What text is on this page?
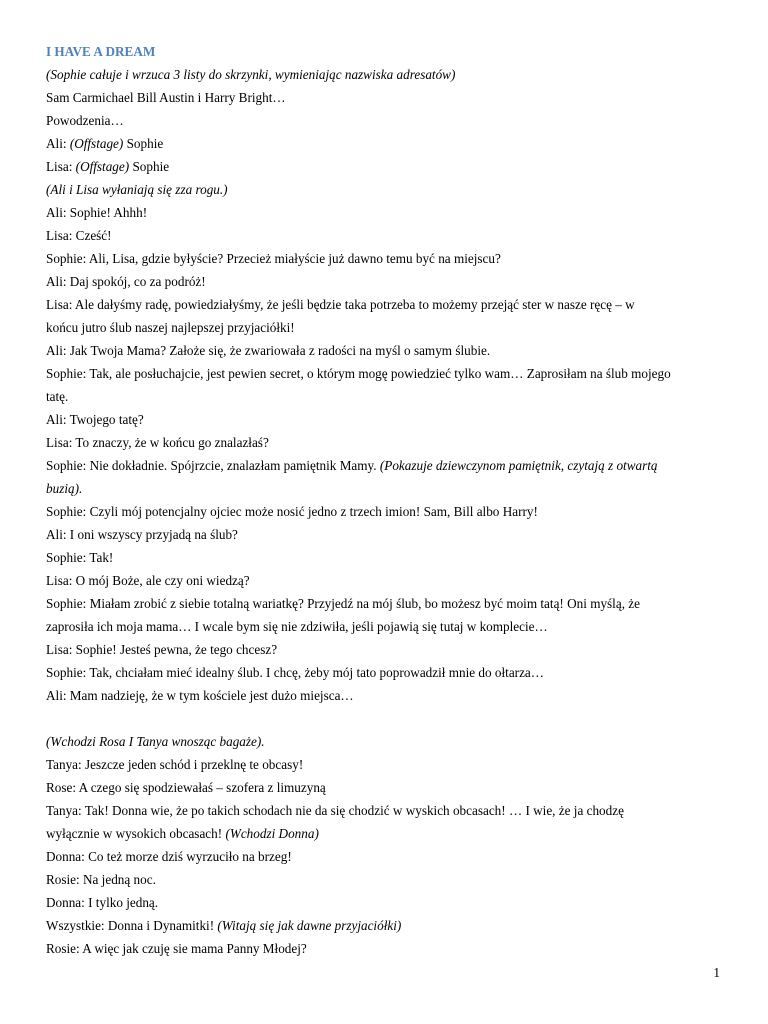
I HAVE A DREAM
(Sophie całuje i wrzuca 3 listy do skrzynki, wymieniając nazwiska adresatów)
Sam Carmichael Bill Austin i Harry Bright…
Powodzenia…
Ali: (Offstage) Sophie
Lisa: (Offstage) Sophie
(Ali i Lisa wyłaniają się zza rogu.)
Ali: Sophie! Ahhh!
Lisa: Cześć!
Sophie: Ali, Lisa, gdzie byłyście? Przecież miałyście już dawno temu być na miejscu?
Ali: Daj spokój, co za podróż!
Lisa: Ale dałyśmy radę, powiedziałyśmy, że jeśli będzie taka potrzeba to możemy przejąć ster w nasze ręcę – w
końcu jutro ślub naszej najlepszej przyjaciółki!
Ali: Jak Twoja Mama? Założe się, że zwariowała z radości na myśl o samym ślubie.
Sophie: Tak, ale posłuchajcie, jest pewien secret, o którym mogę powiedzieć tylko wam… Zaprosiłam na ślub mojego
tatę.
Ali: Twojego tatę?
Lisa: To znaczy, że w końcu go znalazłaś?
Sophie: Nie dokładnie. Spójrzcie, znalazłam pamiętnik Mamy. (Pokazuje dziewczynom pamiętnik, czytają z otwartą
buzią).
Sophie: Czyli mój potencjalny ojciec może nosić jedno z trzech imion! Sam, Bill albo Harry!
Ali: I oni wszyscy przyjadą na ślub?
Sophie: Tak!
Lisa: O mój Boże, ale czy oni wiedzą?
Sophie: Miałam zrobić z siebie totalną wariatkę? Przyjedź na mój ślub, bo możesz być moim tatą! Oni myślą, że
zaprosiła ich moja mama… I wcale bym się nie zdziwiła, jeśli pojawią się tutaj w komplecie…
Lisa: Sophie! Jesteś pewna, że tego chcesz?
Sophie: Tak, chciałam mieć idealny ślub. I chcę, żeby mój tato poprowadził mnie do ołtarza…
Ali: Mam nadzieję, że w tym kościele jest dużo miejsca…
(Wchodzi Rosa I Tanya wnosząc bagaże).
Tanya: Jeszcze jeden schód i przeklnę te obcasy!
Rose: A czego się spodziewałaś – szofera z limuzyną
Tanya: Tak! Donna wie, że po takich schodach nie da się chodzić w wyskich obcasach! … I wie, że ja chodzę
wyłącznie w wysokich obcasach! (Wchodzi Donna)
Donna: Co też morze dziś wyrzuciło na brzeg!
Rosie: Na jedną noc.
Donna: I tylko jedną.
Wszystkie: Donna i Dynamitki! (Witają się jak dawne przyjaciółki)
Rosie: A więc jak czuję sie mama Panny Młodej?
1
